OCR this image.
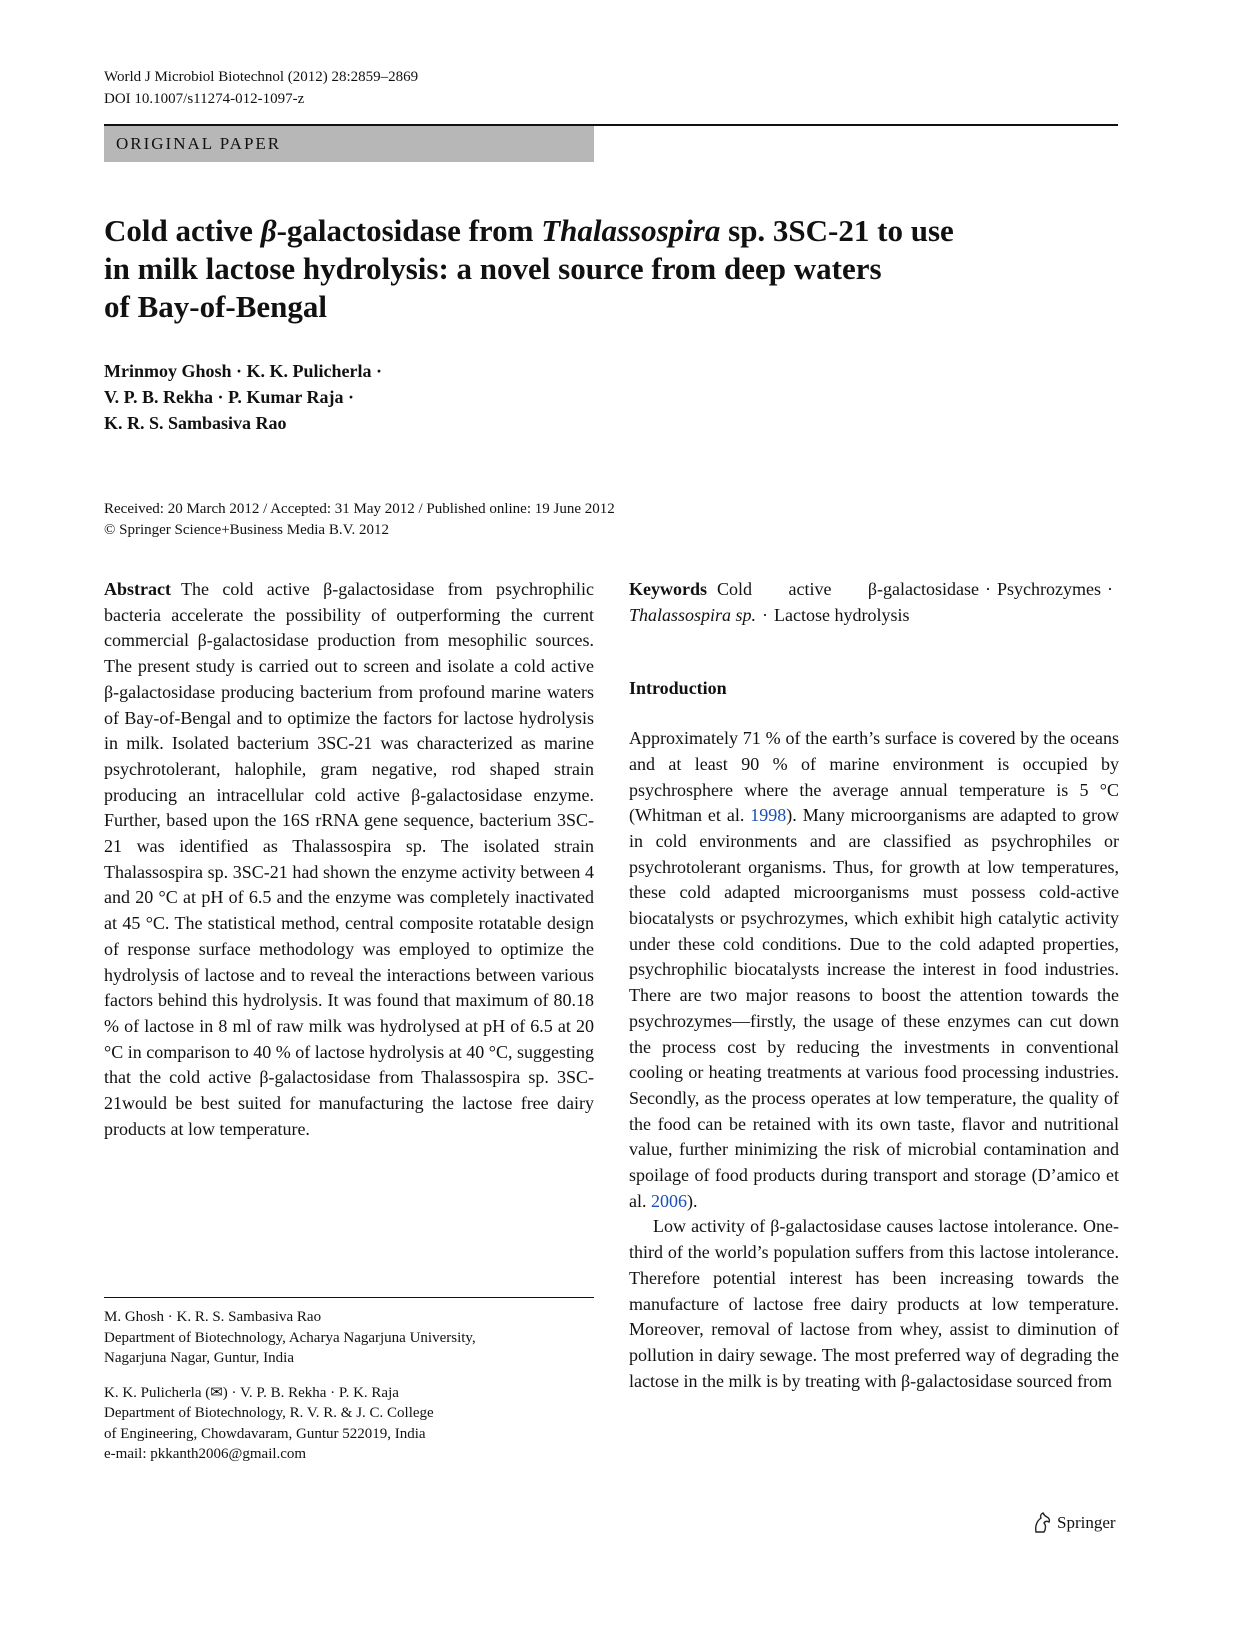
World J Microbiol Biotechnol (2012) 28:2859–2869
DOI 10.1007/s11274-012-1097-z
ORIGINAL PAPER
Cold active β-galactosidase from Thalassospira sp. 3SC-21 to use
in milk lactose hydrolysis: a novel source from deep waters
of Bay-of-Bengal
Mrinmoy Ghosh · K. K. Pulicherla ·
V. P. B. Rekha · P. Kumar Raja ·
K. R. S. Sambasiva Rao
Received: 20 March 2012 / Accepted: 31 May 2012 / Published online: 19 June 2012
© Springer Science+Business Media B.V. 2012

Abstract The cold active β-galactosidase from psychrophilic bacteria accelerate the possibility of outperforming the current commercial β-galactosidase production from mesophilic sources. The present study is carried out to screen and isolate a cold active β-galactosidase producing bacterium from profound marine waters of Bay-of-Bengal and to optimize the factors for lactose hydrolysis in milk. Isolated bacterium 3SC-21 was characterized as marine psychrotolerant, halophile, gram negative, rod shaped strain producing an intracellular cold active β-galactosidase enzyme. Further, based upon the 16S rRNA gene sequence, bacterium 3SC-21 was identified as Thalassospira sp. The isolated strain Thalassospira sp. 3SC-21 had shown the enzyme activity between 4 and 20 °C at pH of 6.5 and the enzyme was completely inactivated at 45 °C. The statistical method, central composite rotatable design of response surface methodology was employed to optimize the hydrolysis of lactose and to reveal the interactions between various factors behind this hydrolysis. It was found that maximum of 80.18 % of lactose in 8 ml of raw milk was hydrolysed at pH of 6.5 at 20 °C in comparison to 40 % of lactose hydrolysis at 40 °C, suggesting that the cold active β-galactosidase from Thalassospira sp. 3SC-21would be best suited for manufacturing the lactose free dairy products at low temperature.

Keywords Cold active β-galactosidase · Psychrozymes ·Thalassospira sp. · Lactose hydrolysis

Introduction

Approximately 71 % of the earth’s surface is covered by the oceans and at least 90 % of marine environment is occupied by psychrosphere where the average annual temperature is 5 °C (Whitman et al. 1998). Many microorganisms are adapted to grow in cold environments and are classified as psychrophiles or psychrotolerant organisms. Thus, for growth at low temperatures, these cold adapted microorganisms must possess cold-active biocatalysts or psychrozymes, which exhibit high catalytic activity under these cold conditions. Due to the cold adapted properties, psychrophilic biocatalysts increase the interest in food industries. There are two major reasons to boost the attention towards the psychrozymes—firstly, the usage of these enzymes can cut down the process cost by reducing the investments in conventional cooling or heating treatments at various food processing industries. Secondly, as the process operates at low temperature, the quality of the food can be retained with its own taste, flavor and nutritional value, further minimizing the risk of microbial contamination and spoilage of food products during transport and storage (D’amico et al. 2006).

Low activity of β-galactosidase causes lactose intolerance. One-third of the world’s population suffers from this lactose intolerance. Therefore potential interest has been increasing towards the manufacture of lactose free dairy products at low temperature. Moreover, removal of lactose from whey, assist to diminution of pollution in dairy sewage. The most preferred way of degrading the lactose in the milk is by treating with β-galactosidase sourced from

M. Ghosh · K. R. S. Sambasiva Rao
Department of Biotechnology, Acharya Nagarjuna University,
Nagarjuna Nagar, Guntur, India
K. K. Pulicherla (✉) · V. P. B. Rekha · P. K. Raja
Department of Biotechnology, R. V. R. & J. C. College
of Engineering, Chowdavaram, Guntur 522019, India
e-mail: pkkanth2006@gmail.com
Springer
